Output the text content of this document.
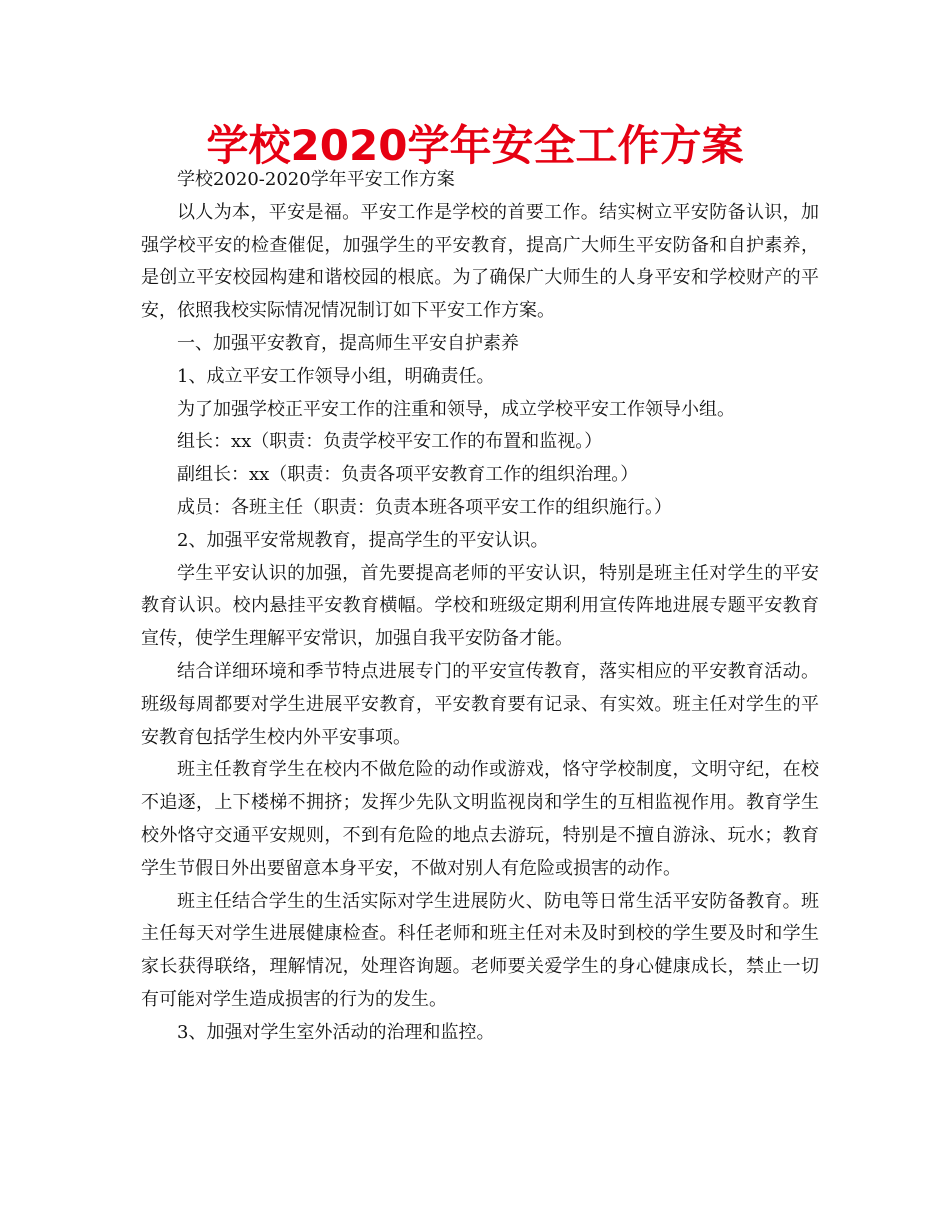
学校2020学年安全工作方案

学校2020-2020学年平安工作方案

以人为本，平安是福。平安工作是学校的首要工作。结实树立平安防备认识，加强学校平安的检查催促，加强学生的平安教育，提高广大师生平安防备和自护素养，是创立平安校园构建和谐校园的根底。为了确保广大师生的人身平安和学校财产的平安，依照我校实际情况情况制订如下平安工作方案。

一、加强平安教育，提高师生平安自护素养

1、成立平安工作领导小组，明确责任。

为了加强学校正平安工作的注重和领导，成立学校平安工作领导小组。

组长：xx（职责：负责学校平安工作的布置和监视。）

副组长：xx（职责：负责各项平安教育工作的组织治理。）

成员：各班主任（职责：负责本班各项平安工作的组织施行。）

2、加强平安常规教育，提高学生的平安认识。

学生平安认识的加强，首先要提高老师的平安认识，特别是班主任对学生的平安教育认识。校内悬挂平安教育横幅。学校和班级定期利用宣传阵地进展专题平安教育宣传，使学生理解平安常识，加强自我平安防备才能。

结合详细环境和季节特点进展专门的平安宣传教育，落实相应的平安教育活动。班级每周都要对学生进展平安教育，平安教育要有记录、有实效。班主任对学生的平安教育包括学生校内外平安事项。

班主任教育学生在校内不做危险的动作或游戏，恪守学校制度，文明守纪，在校不追逐，上下楼梯不拥挤；发挥少先队文明监视岗和学生的互相监视作用。教育学生校外恪守交通平安规则，不到有危险的地点去游玩，特别是不擅自游泳、玩水；教育学生节假日外出要留意本身平安，不做对别人有危险或损害的动作。

班主任结合学生的生活实际对学生进展防火、防电等日常生活平安防备教育。班主任每天对学生进展健康检查。科任老师和班主任对未及时到校的学生要及时和学生家长获得联络，理解情况，处理咨询题。老师要关爱学生的身心健康成长，禁止一切有可能对学生造成损害的行为的发生。

3、加强对学生室外活动的治理和监控。
